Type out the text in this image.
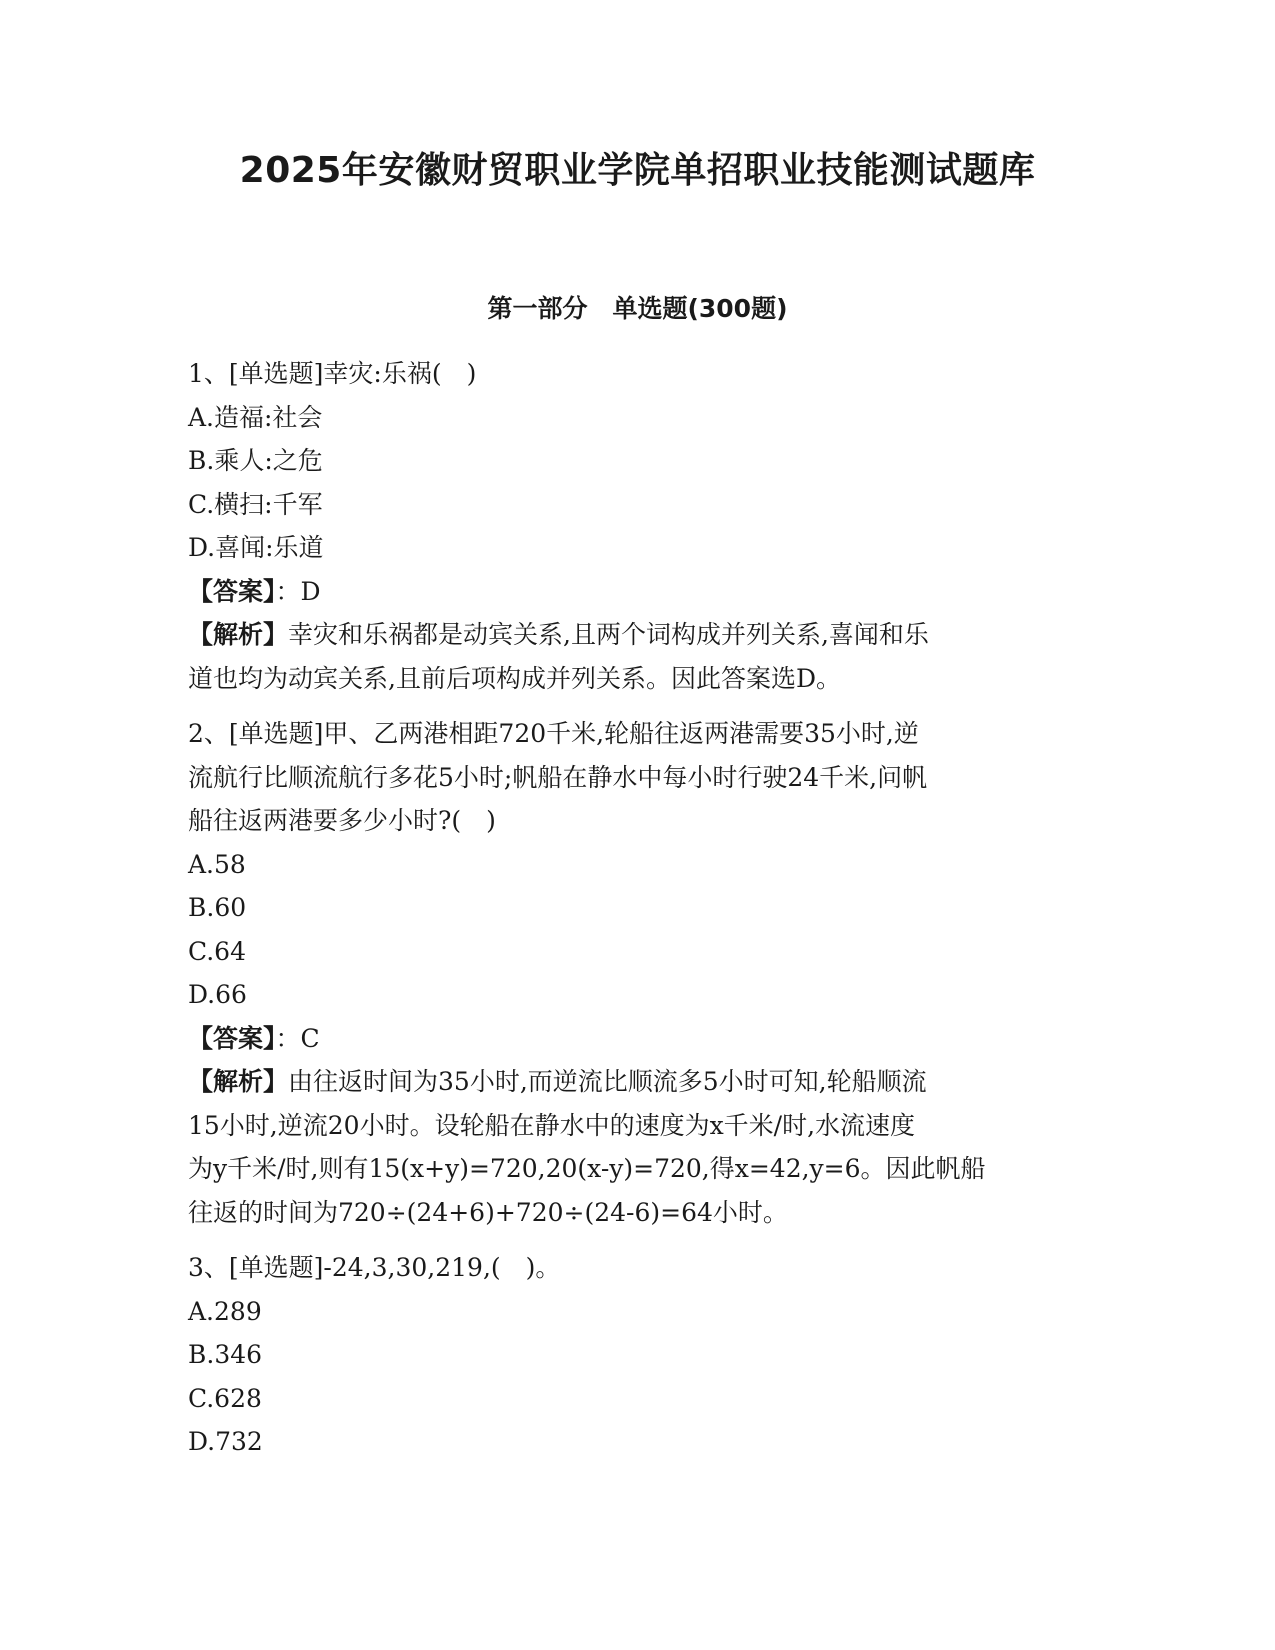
2025年安徽财贸职业学院单招职业技能测试题库
第一部分　单选题(300题)
1、[单选题]幸灾:乐祸(　)
A.造福:社会
B.乘人:之危
C.横扫:千军
D.喜闻:乐道
【答案】：D
【解析】幸灾和乐祸都是动宾关系,且两个词构成并列关系,喜闻和乐
道也均为动宾关系,且前后项构成并列关系。因此答案选D。
2、[单选题]甲、乙两港相距720千米,轮船往返两港需要35小时,逆
流航行比顺流航行多花5小时;帆船在静水中每小时行驶24千米,问帆
船往返两港要多少小时?(　)
A.58
B.60
C.64
D.66
【答案】：C
【解析】由往返时间为35小时,而逆流比顺流多5小时可知,轮船顺流
15小时,逆流20小时。设轮船在静水中的速度为x千米/时,水流速度
为y千米/时,则有15(x+y)=720,20(x-y)=720,得x=42,y=6。因此帆船
往返的时间为720÷(24+6)+720÷(24-6)=64小时。
3、[单选题]-24,3,30,219,(　)。
A.289
B.346
C.628
D.732
